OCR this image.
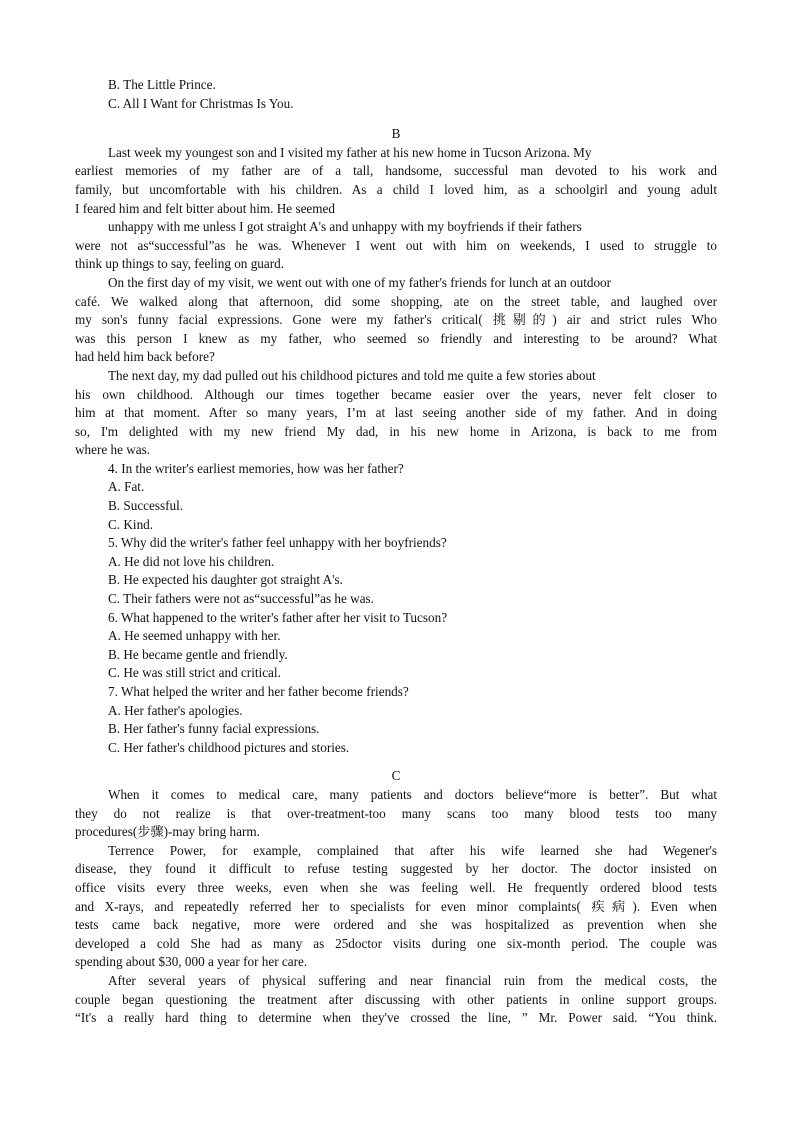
B. The Little Prince.

C. All I Want for Christmas Is You.

B

Last week my youngest son and I visited my father at his new home in Tucson Arizona. My

earliest memories of my father are of a tall, handsome, successful man devoted to his work and

family, but uncomfortable with his children. As a child I loved him, as a schoolgirl and young adult

I feared him and felt bitter about him. He seemed

unhappy with me unless I got straight A's and unhappy with my boyfriends if their fathers

were not as“successful”as he was. Whenever I went out with him on weekends, I used to struggle to

think up things to say, feeling on guard.

On the first day of my visit, we went out with one of my father's friends for lunch at an outdoor

café. We walked along that afternoon, did some shopping, ate on the street table, and laughed over

my son's funny facial expressions. Gone were my father's critical( 挑剔的) air and strict rules Who

was this person I knew as my father, who seemed so friendly and interesting to be around? What

had held him back before?

The next day, my dad pulled out his childhood pictures and told me quite a few stories about

his own childhood. Although our times together became easier over the years, never felt closer to

him at that moment. After so many years, I’m at last seeing another side of my father. And in doing

so, I'm delighted with my new friend My dad, in his new home in Arizona, is back to me from

where he was.

4. In the writer's earliest memories, how was her father?

A. Fat.

B. Successful.

C. Kind.

5. Why did the writer's father feel unhappy with her boyfriends?

A. He did not love his children.

B. He expected his daughter got straight A's.

C. Their fathers were not as“successful”as he was.

6. What happened to the writer's father after her visit to Tucson?

A. He seemed unhappy with her.

B. He became gentle and friendly.

C. He was still strict and critical.

7. What helped the writer and her father become friends?

A. Her father's apologies.

B. Her father's funny facial expressions.

C. Her father's childhood pictures and stories.

C

When it comes to medical care, many patients and doctors believe“more is better”. But what

they do not realize is that over-treatment-too many scans too many blood tests too many

procedures(步骤)-may bring harm.

Terrence Power, for example, complained that after his wife learned she had Wegener's

disease, they found it difficult to refuse testing suggested by her doctor. The doctor insisted on

office visits every three weeks, even when she was feeling well. He frequently ordered blood tests

and X-rays, and repeatedly referred her to specialists for even minor complaints( 疾病). Even when

tests came back negative, more were ordered and she was hospitalized as prevention when she

developed a cold She had as many as 25doctor visits during one six-month period. The couple was

spending about $30, 000 a year for her care.

After several years of physical suffering and near financial ruin from the medical costs, the

couple began questioning the treatment after discussing with other patients in online support groups.

“It's a really hard thing to determine when they've crossed the line, ” Mr. Power said. “You think.
